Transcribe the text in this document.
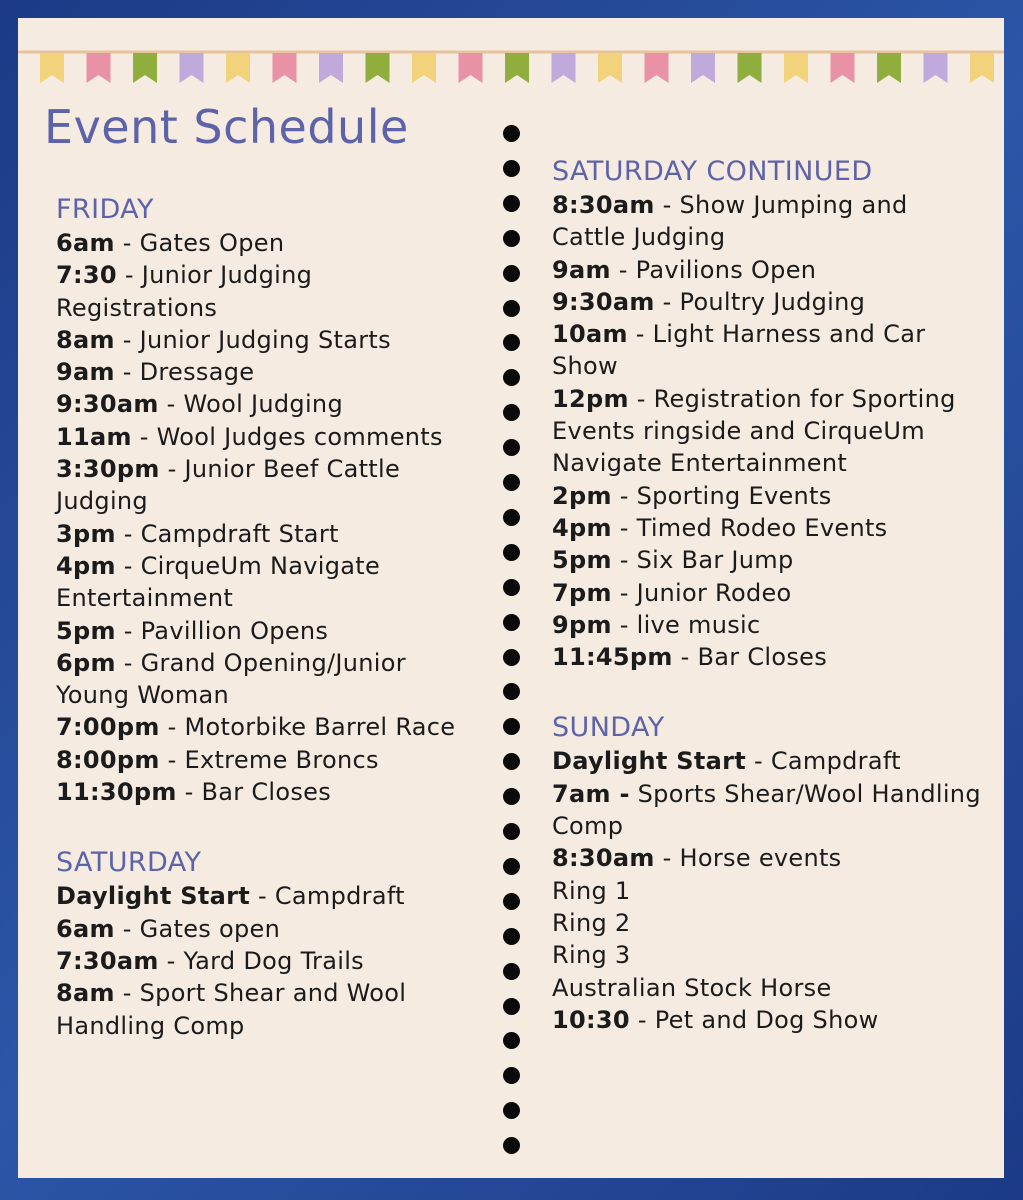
Event Schedule
FRIDAY
6am - Gates Open
7:30 - Junior Judging Registrations
8am - Junior Judging Starts
9am - Dressage
9:30am - Wool Judging
11am - Wool Judges comments
3:30pm - Junior Beef Cattle Judging
3pm - Campdraft Start
4pm - CirqueUm Navigate Entertainment
5pm - Pavillion Opens
6pm - Grand Opening/Junior Young Woman
7:00pm - Motorbike Barrel Race
8:00pm - Extreme Broncs
11:30pm - Bar Closes
SATURDAY
Daylight Start - Campdraft
6am - Gates open
7:30am - Yard Dog Trails
8am - Sport Shear and Wool Handling Comp
SATURDAY CONTINUED
8:30am - Show Jumping and Cattle Judging
9am - Pavilions Open
9:30am - Poultry Judging
10am - Light Harness and Car Show
12pm - Registration for Sporting Events ringside and CirqueUm Navigate Entertainment
2pm - Sporting Events
4pm - Timed Rodeo Events
5pm - Six Bar Jump
7pm - Junior Rodeo
9pm - live music
11:45pm - Bar Closes
SUNDAY
Daylight Start - Campdraft
7am - Sports Shear/Wool Handling Comp
8:30am - Horse events
Ring 1
Ring 2
Ring 3
Australian Stock Horse
10:30 - Pet and Dog Show
